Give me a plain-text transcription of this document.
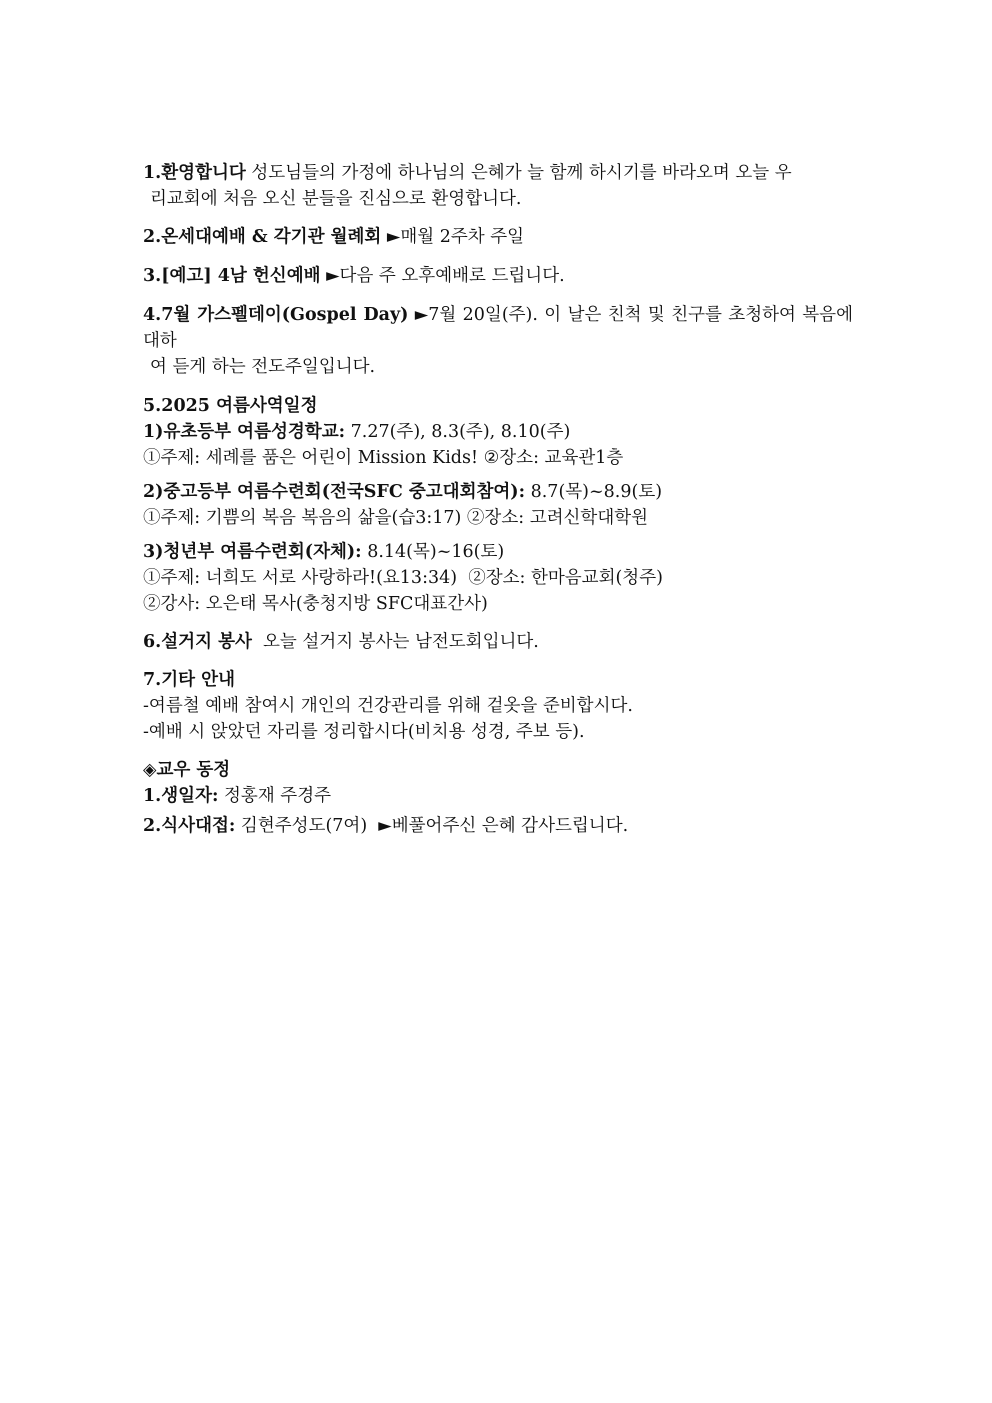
1.환영합니다 성도님들의 가정에 하나님의 은혜가 늘 함께 하시기를 바라오며 오늘 우

리교회에 처음 오신 분들을 진심으로 환영합니다.

2.온세대예배 & 각기관 월례회 ►매월 2주차 주일

3.[예고] 4남 헌신예배 ►다음 주 오후예배로 드립니다.

4.7월 가스펠데이(Gospel Day) ►7월 20일(주). 이 날은 친척 및 친구를 초청하여 복음에 대하

여 듣게 하는 전도주일입니다.

5.2025 여름사역일정

1)유초등부 여름성경학교: 7.27(주), 8.3(주), 8.10(주)

①주제: 세례를 품은 어린이 Mission Kids! ②장소: 교육관1층

2)중고등부 여름수련회(전국SFC 중고대회참여): 8.7(목)~8.9(토)

①주제: 기쁨의 복음 복음의 삶을(습3:17) ②장소: 고려신학대학원

3)청년부 여름수련회(자체): 8.14(목)~16(토)

①주제: 너희도 서로 사랑하라!(요13:34)  ②장소: 한마음교회(청주)

②강사: 오은태 목사(충청지방 SFC대표간사)

6.설거지 봉사  오늘 설거지 봉사는 남전도회입니다.

7.기타 안내

-여름철 예배 참여시 개인의 건강관리를 위해 겉옷을 준비합시다.

-예배 시 앉았던 자리를 정리합시다(비치용 성경, 주보 등).

◈교우 동정

1.생일자: 정홍재 주경주

2.식사대접: 김현주성도(7여)  ►베풀어주신 은혜 감사드립니다.
